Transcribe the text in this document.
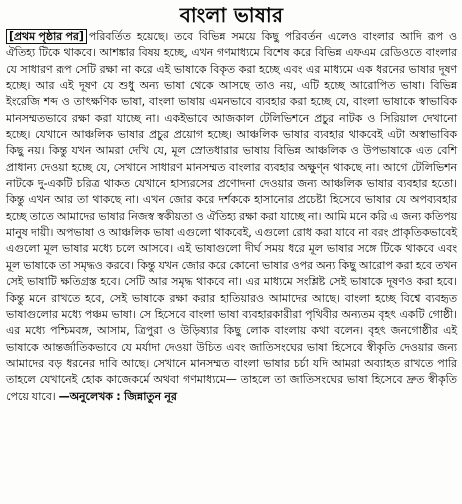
বাংলা ভাষার

[প্রথম পৃষ্ঠার পর] পরিবর্তিত হয়েছে। তবে বিভিন্ন সময়ে কিছু পরিবর্তন এলেও বাংলার আদি রূপ ও ঐতিহ্য টিকে থাকবে। আশঙ্কার বিষয় হচ্ছে, এখন গণমাধ্যমে বিশেষ করে বিভিন্ন এফএম রেডিওতে বাংলার যে সাধারণ রূপ সেটি রক্ষা না করে এই ভাষাকে বিকৃত করা হচ্ছে এবং এর মাধ্যমে এক ধরনের ভাষার দূষণ হচ্ছে। আর এই দূষণ যে শুধু অন্য ভাষা থেকে আসছে তাও নয়, এটি হচ্ছে আরোপিত ভাষা। বিভিন্ন ইংরেজি শব্দ ও তাৎক্ষণিক ভাষা, বাংলা ভাষায় এমনভাবে ব্যবহার করা হচ্ছে যে, বাংলা ভাষাকে স্বাভাবিক মানসম্মতভাবে রক্ষা করা যাচ্ছে না। একইভাবে আজকাল টেলিভিশনে প্রচুর নাটক ও সিরিয়াল দেখানো হচ্ছে। যেখানে আঞ্চলিক ভাষার প্রচুর প্রয়োগ হচ্ছে। আঞ্চলিক ভাষার ব্যবহার থাকবেই এটা অস্বাভাবিক কিছু নয়। কিন্তু যখন আমরা দেখি যে, মূল স্রোতধারার ভাষায় বিভিন্ন আঞ্চলিক ও উপভাষাকে এত বেশি প্রাধান্য দেওয়া হচ্ছে যে, সেখানে সাধারণ মানসম্মত বাংলার ব্যবহার অক্ষুণ্ন থাকছে না। আগে টেলিভিশন নাটকে দু-একটি চরিত্র থাকত যেখানে হাস্যরসের প্রণোদনা দেওয়ার জন্য আঞ্চলিক ভাষার ব্যবহার হতো। কিন্তু এখন আর তা থাকছে না। এখন জোর করে দর্শককে হাসানোর প্রচেষ্টা হিসেবে ভাষার যে অপব্যবহার হচ্ছে তাতে আমাদের ভাষার নিজস্ব স্বকীয়তা ও ঐতিহ্য রক্ষা করা যাচ্ছে না। আমি মনে করি এ জন্য কতিপয় মানুষ দায়ী। অপভাষা ও আঞ্চলিক ভাষা এগুলো থাকবেই, এগুলো রোধ করা যাবে না বরং প্রাকৃতিকভাবেই এগুলো মূল ভাষার মধ্যে চলে আসবে। এই ভাষাগুলো দীর্ঘ সময় ধরে মূল ভাষার সঙ্গে টিকে থাকবে এবং মূল ভাষাকে তা সমৃদ্ধও করবে। কিন্তু যখন জোর করে কোনো ভাষার ওপর অন্য কিছু আরোপ করা হবে তখন সেই ভাষাটি ক্ষতিগ্রস্ত হবে। সেটি আর সমৃদ্ধ থাকবে না। এর মাধ্যমে সংশ্লিষ্ট সেই ভাষাকে দূষণও করা হবে। কিন্তু মনে রাখতে হবে, সেই ভাষাকে রক্ষা করার হাতিয়ারও আমাদের আছে। বাংলা হচ্ছে বিশ্বে ব্যবহৃত ভাষাগুলোর মধ্যে পঞ্চম ভাষা। সে হিসেবে বাংলা ভাষা ব্যবহারকারীরা পৃথিবীর অন্যতম বৃহৎ একটি গোষ্ঠী। এর মধ্যে পশ্চিমবঙ্গ, আসাম, ত্রিপুরা ও উড়িষ্যার কিছু লোক বাংলায় কথা বলেন। বৃহৎ জনগোষ্ঠীর এই ভাষাকে আন্তর্জাতিকভাবে যে মর্যাদা দেওয়া উচিত এবং জাতিসংঘের ভাষা হিসেবে স্বীকৃতি দেওয়ার জন্য আমাদের বড় ধরনের দাবি আছে। সেখানে মানসম্মত বাংলা ভাষার চর্চা যদি আমরা অব্যাহত রাখতে পারি তাহলে যেখানেই হোক কাজেকর্মে অথবা গণমাধ্যমে— তাহলে তা জাতিসংঘের ভাষা হিসেবে দ্রুত স্বীকৃতি পেয়ে যাবে। —অনুলেখক : জিন্নাতুন নূর
